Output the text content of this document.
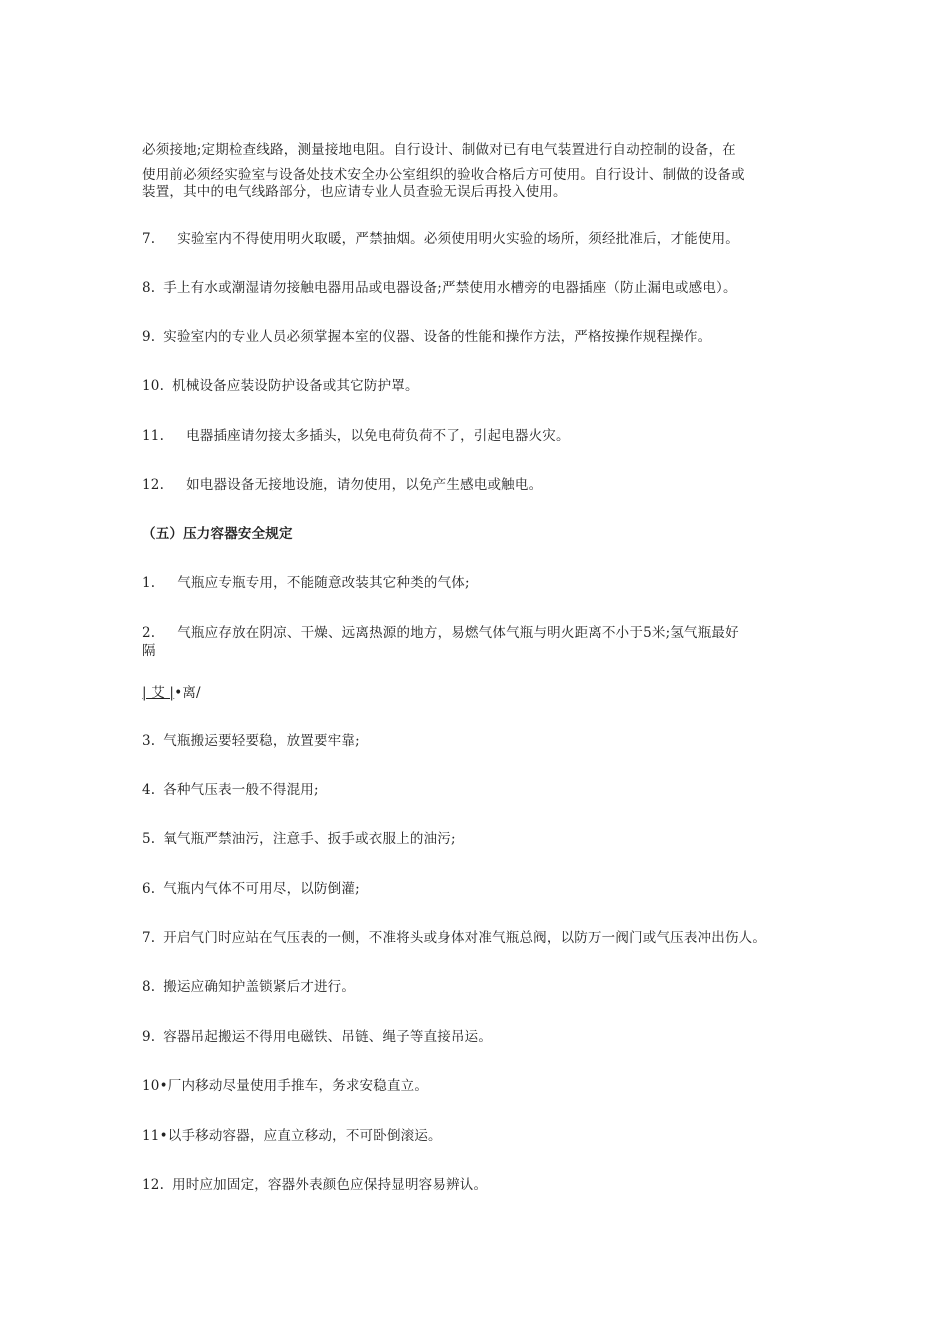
必须接地;定期检查线路，测量接地电阻。自行设计、制做对已有电气装置进行自动控制的设备，在
使用前必须经实验室与设备处技术安全办公室组织的验收合格后方可使用。自行设计、制做的设备或
装置，其中的电气线路部分，也应请专业人员查验无误后再投入使用。
7. 实验室内不得使用明火取暖，严禁抽烟。必须使用明火实验的场所，须经批准后，才能使用。
8. 手上有水或潮湿请勿接触电器用品或电器设备;严禁使用水槽旁的电器插座（防止漏电或感电）。
9. 实验室内的专业人员必须掌握本室的仪器、设备的性能和操作方法，严格按操作规程操作。
10. 机械设备应装设防护设备或其它防护罩。
11. 电器插座请勿接太多插头，以免电荷负荷不了，引起电器火灾。
12. 如电器设备无接地设施，请勿使用，以免产生感电或触电。
（五）压力容器安全规定
1. 气瓶应专瓶专用，不能随意改装其它种类的气体;
2. 气瓶应存放在阴凉、干燥、远离热源的地方，易燃气体气瓶与明火距离不小于5米;氢气瓶最好
隔
| 艾 |•离/
3. 气瓶搬运要轻要稳，放置要牢靠;
4. 各种气压表一般不得混用;
5. 氧气瓶严禁油污，注意手、扳手或衣服上的油污;
6. 气瓶内气体不可用尽，以防倒灌;
7. 开启气门时应站在气压表的一侧，不准将头或身体对准气瓶总阀，以防万一阀门或气压表冲出伤人。
8. 搬运应确知护盖锁紧后才进行。
9. 容器吊起搬运不得用电磁铁、吊链、绳子等直接吊运。
10•厂内移动尽量使用手推车，务求安稳直立。
11•以手移动容器，应直立移动，不可卧倒滚运。
12. 用时应加固定，容器外表颜色应保持显明容易辨认。
